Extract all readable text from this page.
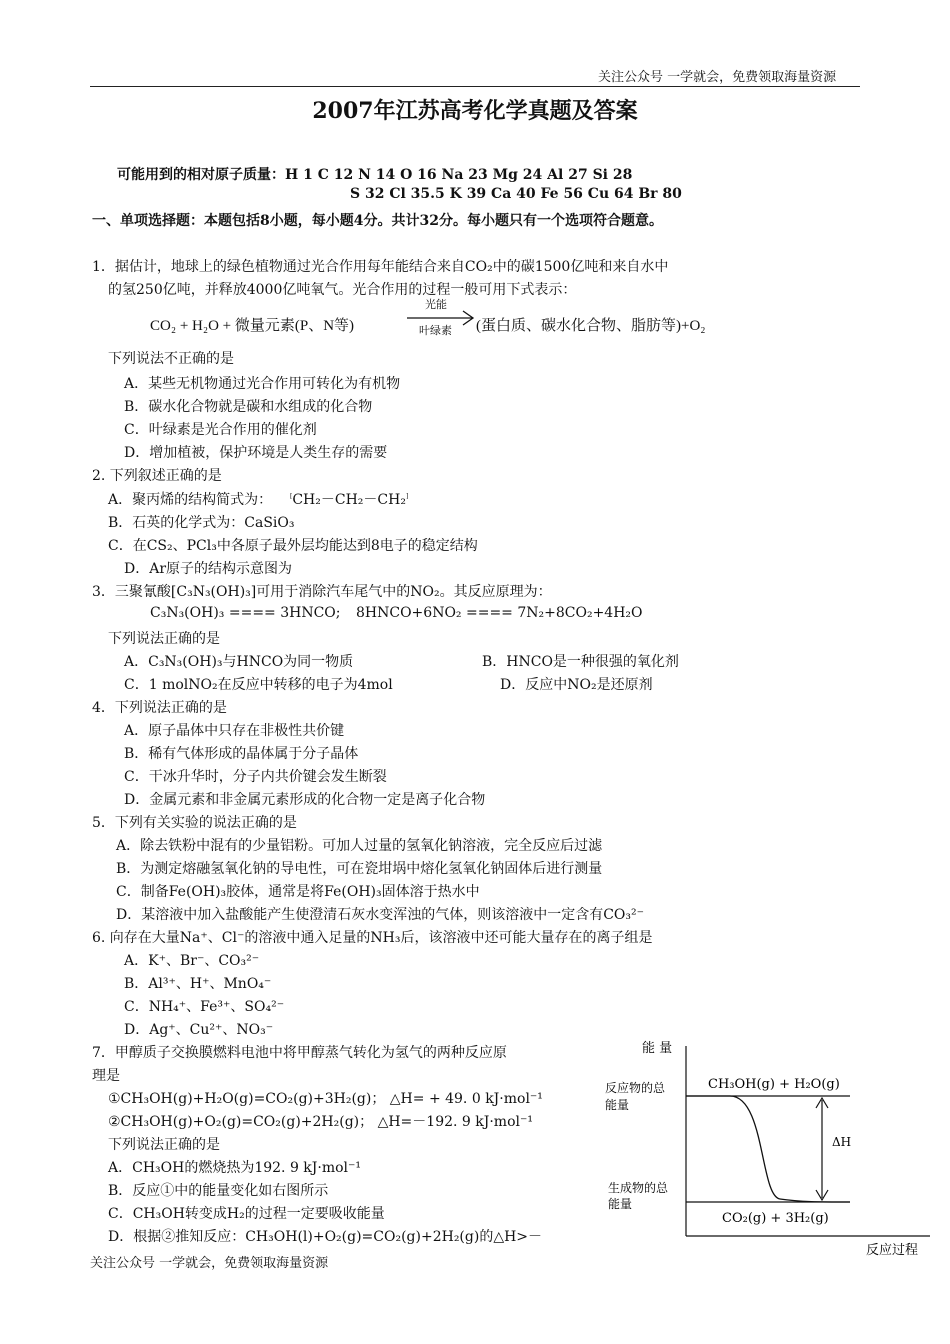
关注公众号 一学就会，免费领取海量资源
2007年江苏高考化学真题及答案
可能用到的相对原子质量：H 1 C 12 N 14 O 16 Na 23 Mg 24 Al 27 Si 28
S 32 Cl 35.5 K 39 Ca 40 Fe 56 Cu 64 Br 80
一、单项选择题：本题包括8小题，每小题4分。共计32分。每小题只有一个选项符合题意。
1．据估计，地球上的绿色植物通过光合作用每年能结合来自CO₂中的碳1500亿吨和来自水中
的氢250亿吨，并释放4000亿吨氧气。光合作用的过程一般可用下式表示：
CO₂ + H₂O + 微量元素(P、N等)
光能
叶绿素 (蛋白质、碳水化合物、脂肪等)+O₂
下列说法不正确的是
A．某些无机物通过光合作用可转化为有机物
B．碳水化合物就是碳和水组成的化合物
C．叶绿素是光合作用的催化剂
D．增加植被，保护环境是人类生存的需要
2. 下列叙述正确的是
A．聚丙烯的结构简式为：	[CH₂－CH₂－CH₂]
B．石英的化学式为：CaSiO₃
C．在CS₂、PCl₃中各原子最外层均能达到8电子的稳定结构
D．Ar原子的结构示意图为
3．三聚氰酸[C₃N₃(OH)₃]可用于消除汽车尾气中的NO₂。其反应原理为：
C₃N₃(OH)₃ ==== 3HNCO; 8HNCO+6NO₂ ==== 7N₂+8CO₂+4H₂O
下列说法正确的是
A．C₃N₃(OH)₃与HNCO为同一物质	B．HNCO是一种很强的氧化剂
C．1 molNO₂在反应中转移的电子为4mol	D．反应中NO₂是还原剂
4．下列说法正确的是
A．原子晶体中只存在非极性共价键
B．稀有气体形成的晶体属于分子晶体
C．干冰升华时，分子内共价键会发生断裂
D．金属元素和非金属元素形成的化合物一定是离子化合物
5．下列有关实验的说法正确的是
A．除去铁粉中混有的少量铝粉。可加人过量的氢氧化钠溶液，完全反应后过滤
B．为测定熔融氢氧化钠的导电性，可在瓷坩埚中熔化氢氧化钠固体后进行测量
C．制备Fe(OH)₃胶体，通常是将Fe(OH)₃固体溶于热水中
D．某溶液中加入盐酸能产生使澄清石灰水变浑浊的气体，则该溶液中一定含有CO₃²⁻
6. 向存在大量Na⁺、Cl⁻的溶液中通入足量的NH₃后，该溶液中还可能大量存在的离子组是
A．K⁺、Br⁻、CO₃²⁻
B．Al³⁺、H⁺、MnO₄⁻
C．NH₄⁺、Fe³⁺、SO₄²⁻
D．Ag⁺、Cu²⁺、NO₃⁻
7．甲醇质子交换膜燃料电池中将甲醇蒸气转化为氢气的两种反应原
理是
①CH₃OH(g)+H₂O(g)=CO₂(g)+3H₂(g)； △H= + 49. 0 kJ·mol⁻¹
②CH₃OH(g)+O₂(g)=CO₂(g)+2H₂(g)； △H=－192. 9 kJ·mol⁻¹
下列说法正确的是
A．CH₃OH的燃烧热为192. 9 kJ·mol⁻¹
B．反应①中的能量变化如右图所示
C．CH₃OH转变成H₂的过程一定要吸收能量
D．根据②推知反应：CH₃OH(l)+O₂(g)=CO₂(g)+2H₂(g)的△H>－
能 量
反应物的总
能量
生成物的总
能量
ΔH
CH₃OH(g) + H₂O(g)
CO₂(g) + 3H₂(g)
反应过程
关注公众号 一学就会，免费领取海量资源
